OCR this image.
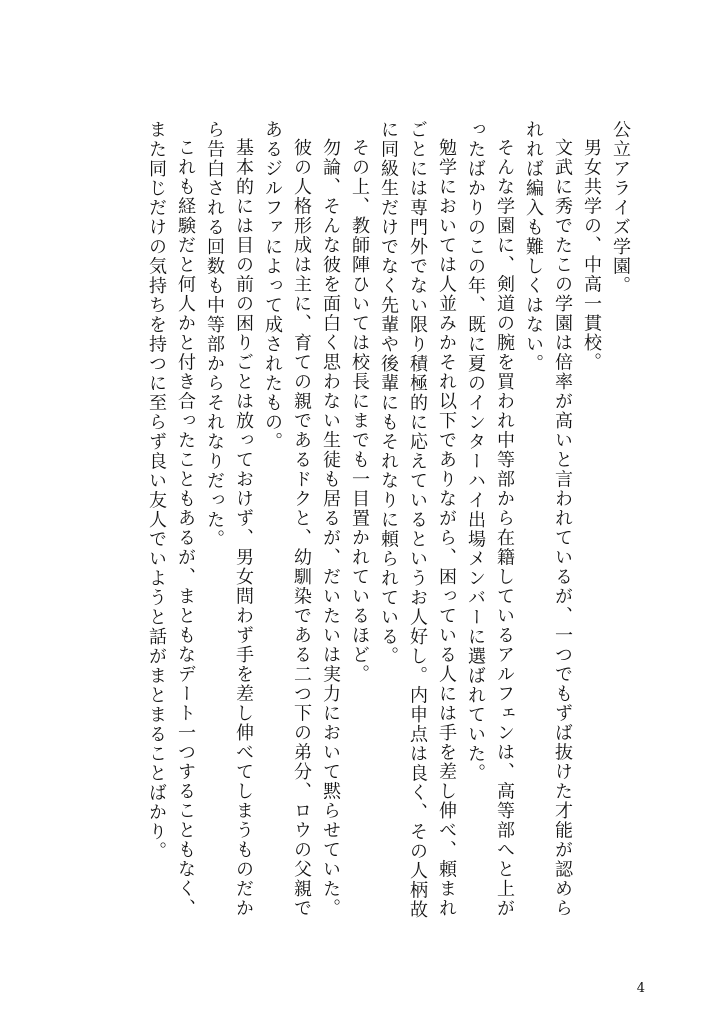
公立アライズ学園。

男女共学の、中高一貫校。

文武に秀でたこの学園は倍率が高いと言われているが、一つでもずば抜けた才能が認められれば編入も難しくはない。

そんな学園に、剣道の腕を買われ中等部から在籍しているアルフェンは、高等部へと上がったばかりのこの年、既に夏のインターハイ出場メンバーに選ばれていた。

勉学においては人並みかそれ以下でありながら、困っている人には手を差し伸べ、頼まれごとには専門外でない限り積極的に応えているというお人好し。内申点は良く、その人柄故に同級生だけでなく先輩や後輩にもそれなりに頼られている。

その上、教師陣ひいては校長にまでも一目置かれているほど。

勿論、そんな彼を面白く思わない生徒も居るが、だいたいは実力において黙らせていた。

彼の人格形成は主に、育ての親であるドクと、幼馴染である二つ下の弟分、ロウの父親であるジルファによって成されたもの。

基本的には目の前の困りごとは放っておけず、男女問わず手を差し伸べてしまうものだから告白される回数も中等部からそれなりだった。

これも経験だと何人かと付き合ったこともあるが、まともなデート一つすることもなく、また同じだけの気持ちを持つに至らず良い友人でいようと話がまとまることばかり。

4
